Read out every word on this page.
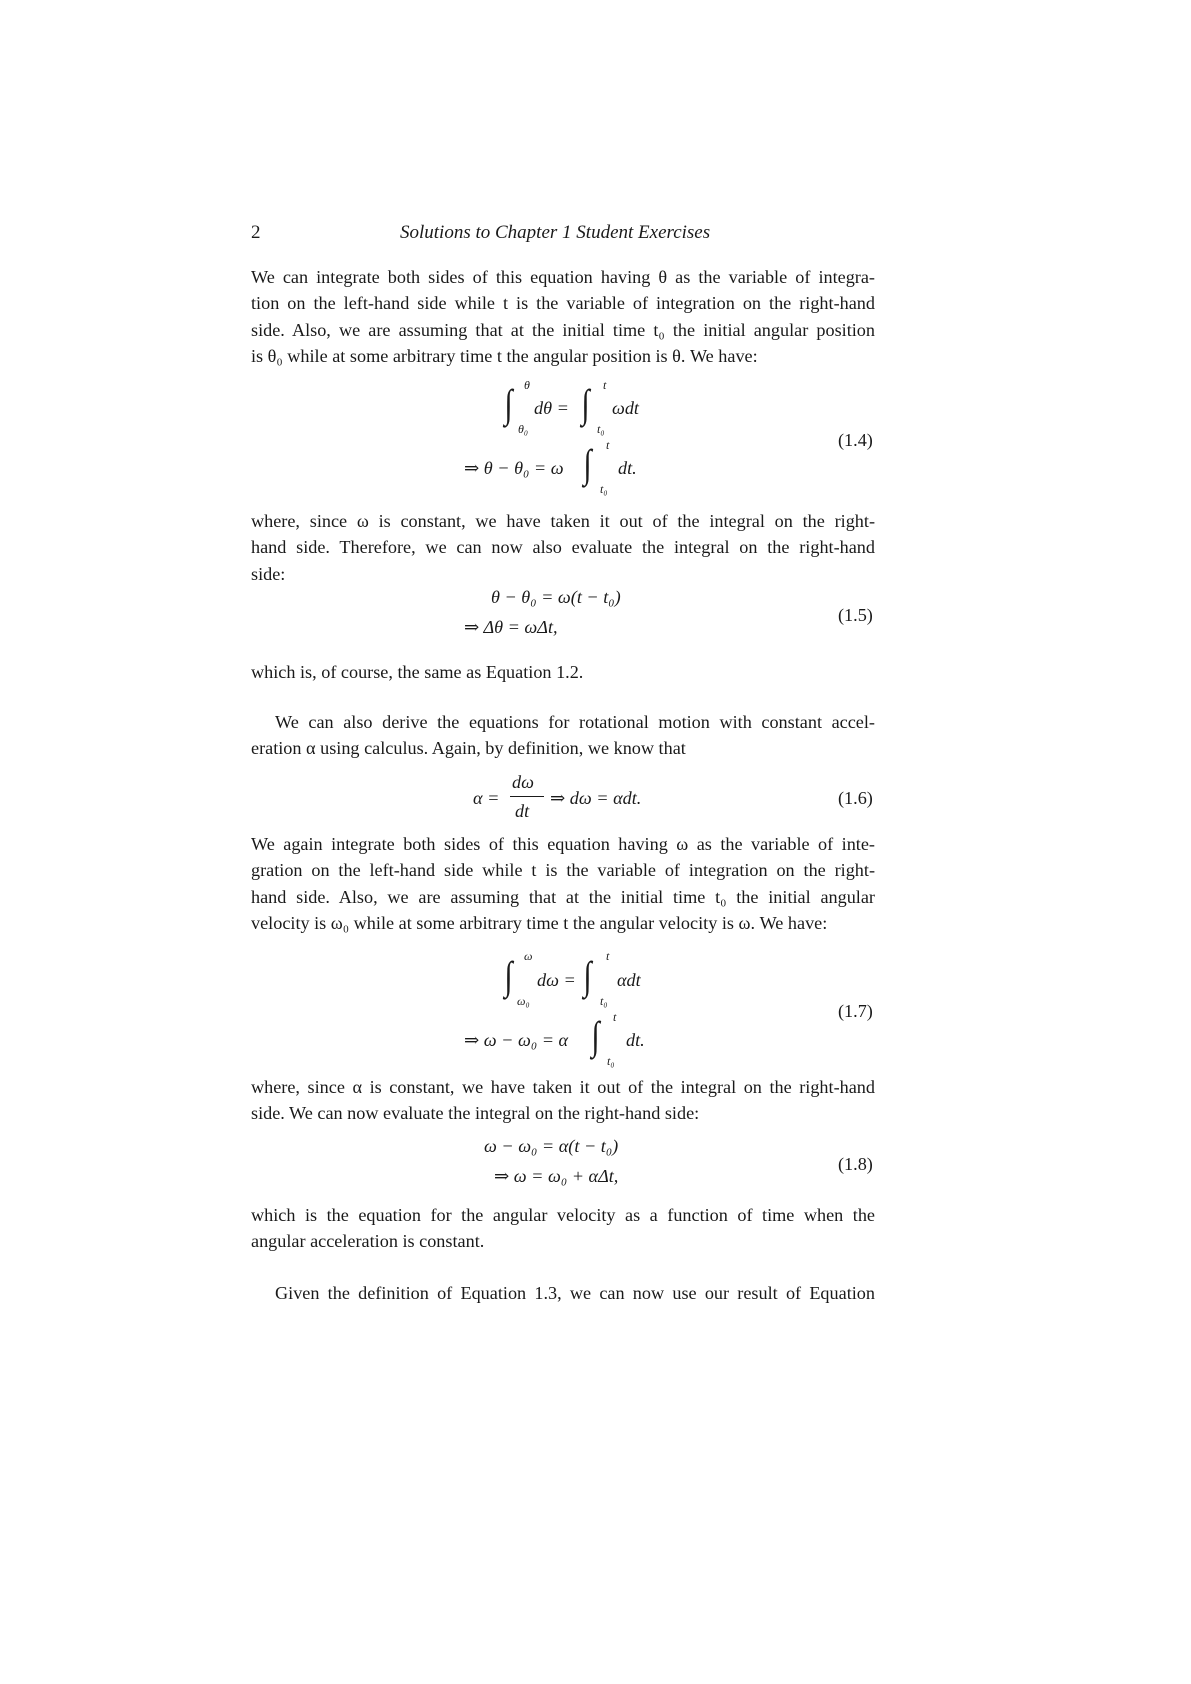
2	Solutions to Chapter 1 Student Exercises
We can integrate both sides of this equation having θ as the variable of integra-
tion on the left-hand side while t is the variable of integration on the right-hand
side. Also, we are assuming that at the initial time t₀ the initial angular position
is θ₀ while at some arbitrary time t the angular position is θ. We have:
∫ θ
θ₀
dθ = ∫ t
t₀
ωdt
⇒ θ − θ₀ = ω ∫ t
t₀
dt.
(1.4)
where, since ω is constant, we have taken it out of the integral on the right-
hand side. Therefore, we can now also evaluate the integral on the right-hand
side:
θ − θ₀ = ω(t − t₀)
⇒ Δθ = ωΔt,
(1.5)
which is, of course, the same as Equation 1.2.
We can also derive the equations for rotational motion with constant accel-
eration α using calculus. Again, by definition, we know that
α =
dω
dt
⇒ dω = αdt.	(1.6)
We again integrate both sides of this equation having ω as the variable of inte-
gration on the left-hand side while t is the variable of integration on the right-
hand side. Also, we are assuming that at the initial time t₀ the initial angular
velocity is ω₀ while at some arbitrary time t the angular velocity is ω. We have:
∫ ω
ω₀
dω = ∫ t
t₀
αdt
⇒ ω − ω₀ = α ∫ t
t₀
dt.
(1.7)
where, since α is constant, we have taken it out of the integral on the right-hand
side. We can now evaluate the integral on the right-hand side:
ω − ω₀ = α(t − t₀)
⇒ ω = ω₀ + αΔt,
(1.8)
which is the equation for the angular velocity as a function of time when the
angular acceleration is constant.
Given the definition of Equation 1.3, we can now use our result of Equation
